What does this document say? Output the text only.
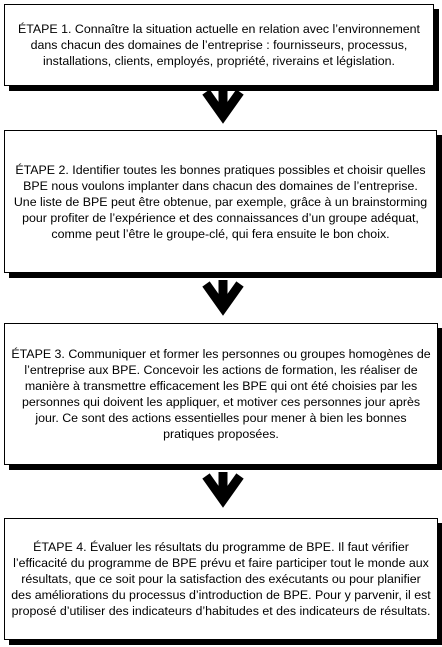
ÉTAPE 1. Connaître la situation actuelle en relation avec l’environnement dans chacun des domaines de l’entreprise : fournisseurs, processus, installations, clients, employés, propriété, riverains et législation.

ÉTAPE 2. Identifier toutes les bonnes pratiques possibles et choisir quelles BPE nous voulons implanter dans chacun des domaines de l’entreprise. Une liste de BPE peut être obtenue, par exemple, grâce à un brainstorming pour profiter de l’expérience et des connaissances d’un groupe adéquat, comme peut l’être le groupe-clé, qui fera ensuite le bon choix.

ÉTAPE 3. Communiquer et former les personnes ou groupes homogènes de l’entreprise aux BPE. Concevoir les actions de formation, les réaliser de manière à transmettre efficacement les BPE qui ont été choisies par les personnes qui doivent les appliquer, et motiver ces personnes jour après jour. Ce sont des actions essentielles pour mener à bien les bonnes pratiques proposées.

ÉTAPE 4. Évaluer les résultats du programme de BPE. Il faut vérifier l’efficacité du programme de BPE prévu et faire participer tout le monde aux résultats, que ce soit pour la satisfaction des exécutants ou pour planifier des améliorations du processus d’introduction de BPE. Pour y parvenir, il est proposé d’utiliser des indicateurs d’habitudes et des indicateurs de résultats.
